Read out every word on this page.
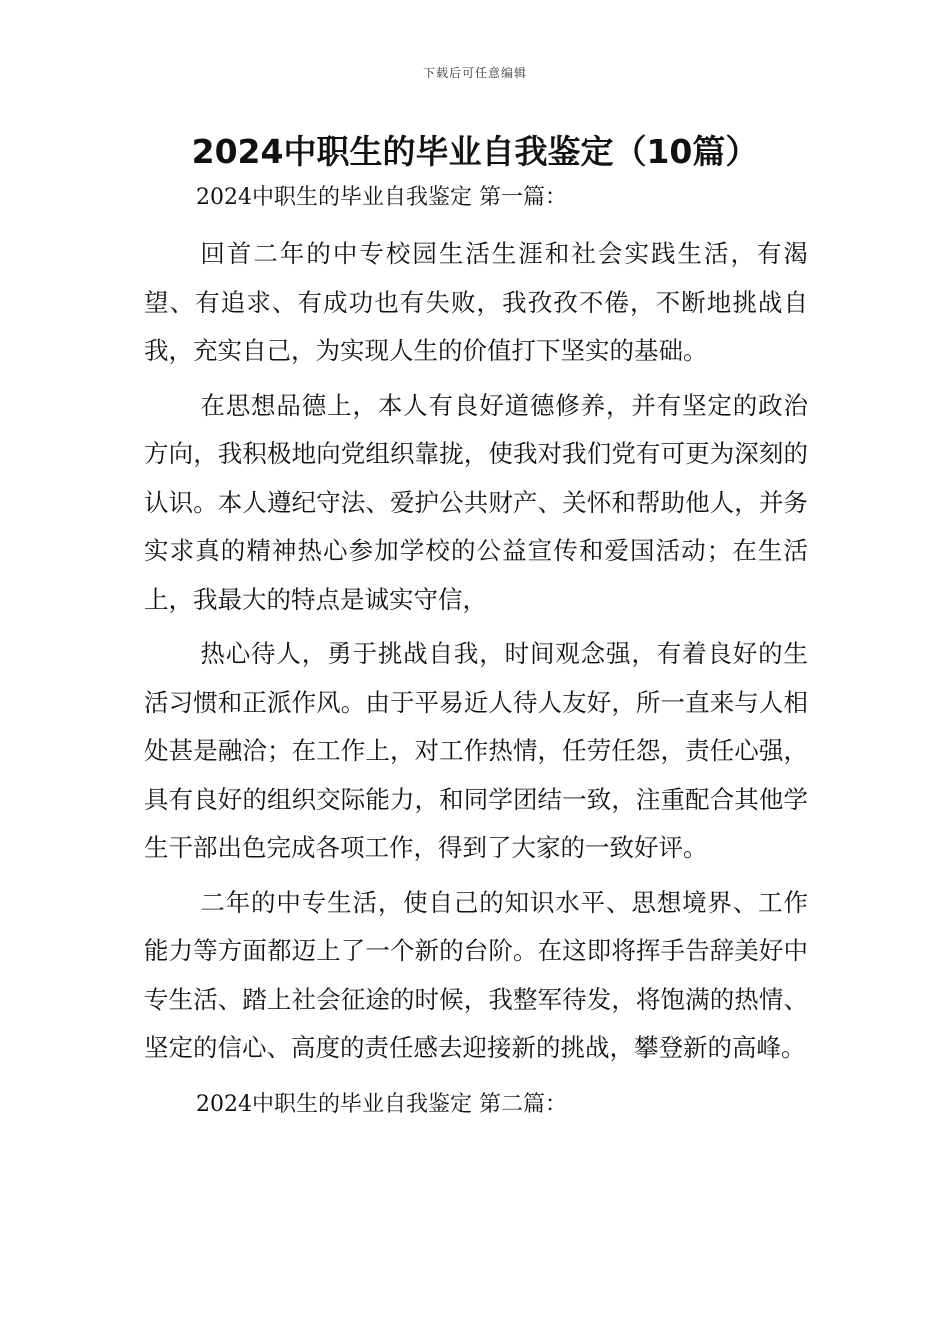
下载后可任意编辑
2024中职生的毕业自我鉴定（10篇）

2024中职生的毕业自我鉴定 第一篇：

回首二年的中专校园生活生涯和社会实践生活，有渴望、有追求、有成功也有失败，我孜孜不倦，不断地挑战自我，充实自己，为实现人生的价值打下坚实的基础。

在思想品德上，本人有良好道德修养，并有坚定的政治方向，我积极地向党组织靠拢，使我对我们党有可更为深刻的认识。本人遵纪守法、爱护公共财产、关怀和帮助他人，并务实求真的精神热心参加学校的公益宣传和爱国活动；在生活上，我最大的特点是诚实守信，

热心待人，勇于挑战自我，时间观念强，有着良好的生活习惯和正派作风。由于平易近人待人友好，所一直来与人相处甚是融洽；在工作上，对工作热情，任劳任怨，责任心强，具有良好的组织交际能力，和同学团结一致，注重配合其他学生干部出色完成各项工作，得到了大家的一致好评。

二年的中专生活，使自己的知识水平、思想境界、工作能力等方面都迈上了一个新的台阶。在这即将挥手告辞美好中专生活、踏上社会征途的时候，我整军待发，将饱满的热情、坚定的信心、高度的责任感去迎接新的挑战，攀登新的高峰。

2024中职生的毕业自我鉴定 第二篇：
